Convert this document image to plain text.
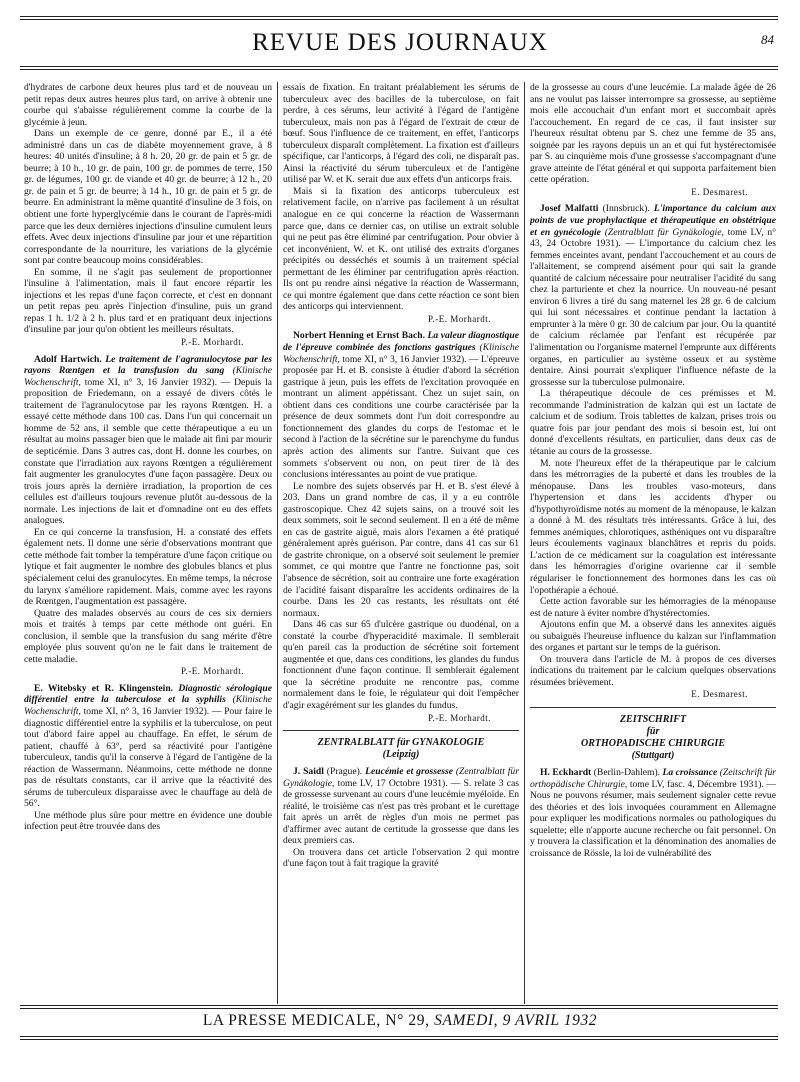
REVUE DES JOURNAUX	84

d'hydrates de carbone deux heures plus tard et de nouveau un petit repas deux autres heures plus tard, on arrive à obtenir une courbe qui s'abaisse régulièrement comme la courbe de la glycémie à jeun.

Dans un exemple de ce genre, donné par E., il a été administré dans un cas de diabète moyennement grave, à 8 heures: 40 unités d'insuline; à 8 h. 20, 20 gr. de pain et 5 gr. de beurre; à 10 h., 10 gr. de pain, 100 gr. de pommes de terre, 150 gr. de légumes, 100 gr. de viande et 40 gr. de beurre; à 12 h., 20 gr. de pain et 5 gr. de beurre; à 14 h., 10 gr. de pain et 5 gr. de beurre. En administrant la même quantité d'insuline de 3 fois, on obtient une forte hyperglycémie dans le courant de l'après-midi parce que les deux dernières injections d'insuline cumulent leurs effets. Avec deux injections d'insuline par jour et une répartition correspondante de la nourriture, les variations de la glycémie sont par contre beaucoup moins considérables.

En somme, il ne s'agit pas seulement de proportionner l'insuline à l'alimentation, mais il faut encore répartir les injections et les repas d'une façon correcte, et c'est en donnant un petit repas peu après l'injection d'insuline, puis un grand repas 1 h. 1/2 à 2 h. plus tard et en pratiquant deux injections d'insuline par jour qu'on obtient les meilleurs résultats.

P.-E. Morhardt.

Adolf Hartwich. Le traitement de l'agranulocytose par les rayons Rœntgen et la transfusion du sang (Klinische Wochenschrift, tome XI, n° 3, 16 Janvier 1932). — Depuis la proposition de Friedemann, on a essayé de divers côtés le traitement de l'agranulocytose par les rayons Rœntgen. H. a essayé cette méthode dans 100 cas. Dans l'un qui concernait un homme de 52 ans, il semble que cette thérapeutique a eu un résultat au moins passager bien que le malade ait fini par mourir de septicémie. Dans 3 autres cas, dont H. donne les courbes, on constate que l'irradiation aux rayons Rœntgen a régulièrement fait augmenter les granulocytes d'une façon passagère. Deux ou trois jours après la dernière irradiation, la proportion de ces cellules est d'ailleurs toujours revenue plutôt au-dessous de la normale. Les injections de lait et d'omnadine ont eu des effets analogues.

En ce qui concerne la transfusion, H. a constaté des effets également nets. Il donne une série d'observations montrant que cette méthode fait tomber la température d'une façon critique ou lytique et fait augmenter le nombre des globules blancs et plus spécialement celui des granulocytes. En même temps, la nécrose du larynx s'améliore rapidement. Mais, comme avec les rayons de Rœntgen, l'augmentation est passagère.

Quatre des malades observés au cours de ces six derniers mois et traités à temps par cette méthode ont guéri. En conclusion, il semble que la transfusion du sang mérite d'être employée plus souvent qu'on ne le fait dans le traitement de cette maladie.

P.-E. Morhardt.

E. Witebsky et R. Klingenstein. Diagnostic sérologique différentiel entre la tuberculose et la syphilis (Klinische Wochenschrift, tome XI, n° 3, 16 Janvier 1932). — Pour faire le diagnostic différentiel entre la syphilis et la tuberculose, on peut tout d'abord faire appel au chauffage. En effet, le sérum de patient, chauffé à 63°, perd sa réactivité pour l'antigène tuberculeux, tandis qu'il la conserve à l'égard de l'antigène de la réaction de Wassermann. Néanmoins, cette méthode ne donne pas de résultats constants, car il arrive que la réactivité des sérums de tuberculeux disparaisse avec le chauffage au delà de 56°.

Une méthode plus sûre pour mettre en évidence une double infection peut être trouvée dans des

essais de fixation. En traitant préalablement les sérums de tuberculeux avec des bacilles de la tuberculose, on fait perdre, à ces sérums, leur activité à l'égard de l'antigène tuberculeux, mais non pas à l'égard de l'extrait de cœur de bœuf. Sous l'influence de ce traitement, en effet, l'anticorps tuberculeux disparaît complètement. La fixation est d'ailleurs spécifique, car l'anticorps, à l'égard des coli, ne disparaît pas. Ainsi la réactivité du sérum tuberculeux et de l'antigène utilisé par W. et K. serait due aux effets d'un anticorps frais.

Mais si la fixation des anticorps tuberculeux est relativement facile, on n'arrive pas facilement à un résultat analogue en ce qui concerne la réaction de Wassermann parce que, dans ce dernier cas, on utilise un extrait soluble qui ne peut pas être éliminé par centrifugation. Pour obvier à cet inconvénient, W. et K. ont utilisé des extraits d'organes précipités ou desséchés et soumis à un traitement spécial permettant de les éliminer par centrifugation après réaction. Ils ont pu rendre ainsi négative la réaction de Wassermann, ce qui montre également que dans cette réaction ce sont bien des anticorps qui interviennent.

P.-E. Morhardt.

Norbert Henning et Ernst Bach. La valeur diagnostique de l'épreuve combinée des fonctions gastriques (Klinische Wochenschrift, tome XI, n° 3, 16 Janvier 1932). — L'épreuve proposée par H. et B. consiste à étudier d'abord la sécrétion gastrique à jeun, puis les effets de l'excitation provoquée en montrant un aliment appétissant. Chez un sujet sain, on obtient dans ces conditions une courbe caractérisée par la présence de deux sommets dont l'un doit correspondre au fonctionnement des glandes du corps de l'estomac et le second à l'action de la sécrétine sur le parenchyme du fundus après action des aliments sur l'antre. Suivant que ces sommets s'observent ou non, on peut tirer de là des conclusions intéressantes au point de vue pratique.

Le nombre des sujets observés par H. et B. s'est élevé à 203. Dans un grand nombre de cas, il y a eu contrôle gastroscopique. Chez 42 sujets sains, on a trouvé soit les deux sommets, soit le second seulement. Il en a été de même en cas de gastrite aiguë, mais alors l'examen a été pratiqué généralement après guérison. Par contre, dans 41 cas sur 61 de gastrite chronique, on a observé soit seulement le premier sommet, ce qui montre que l'antre ne fonctionne pas, soit l'absence de sécrétion, soit au contraire une forte exagération de l'acidité faisant disparaître les accidents ordinaires de la courbe. Dans les 20 cas restants, les résultats ont été normaux.

Dans 46 cas sur 65 d'ulcère gastrique ou duodénal, on a constaté la courbe d'hyperacidité maximale. Il semblerait qu'en pareil cas la production de sécrétine soit fortement augmentée et que, dans ces conditions, les glandes du fundus fonctionnent d'une façon continue. Il semblerait également que la sécrétine produite ne rencontre pas, comme normalement dans le foie, le régulateur qui doit l'empêcher d'agir exagérément sur les glandes du fundus.

P.-E. Morhardt.
ZENTRALBLATT für GYNAKOLOGIE
(Leipzig)

J. Saidl (Prague). Leucémie et grossesse (Zentralblatt für Gynäkologie, tome LV, 17 Octobre 1931). — S. relate 3 cas de grossesse survenant au cours d'une leucémie myéloïde. En réalité, le troisième cas n'est pas très probant et le curettage fait après un arrêt de règles d'un mois ne permet pas d'affirmer avec autant de certitude la grossesse que dans les deux premiers cas.

On trouvera dans cet article l'observation 2 qui montre d'une façon tout à fait tragique la gravité

de la grossesse au cours d'une leucémie. La malade âgée de 26 ans ne voulut pas laisser interrompre sa grossesse, au septième mois elle accouchait d'un enfant mort et succombait après l'accouchement. En regard de ce cas, il faut insister sur l'heureux résultat obtenu par S. chez une femme de 35 ans, soignée par les rayons depuis un an et qui fut hystérectomisée par S. au cinquième mois d'une grossesse s'accompagnant d'une grave atteinte de l'état général et qui supporta parfaitement bien cette opération.

E. Desmarest.

Josef Malfatti (Innsbruck). L'importance du calcium aux points de vue prophylactique et thérapeutique en obstétrique et en gynécologie (Zentralblatt für Gynäkologie, tome LV, n° 43, 24 Octobre 1931). — L'importance du calcium chez les femmes enceintes avant, pendant l'accouchement et au cours de l'allaitement, se comprend aisément pour qui sait la grande quantité de calcium nécessaire pour neutraliser l'acidité du sang chez la parturiente et chez la nourrice. Un nouveau-né pesant environ 6 livres a tiré du sang maternel les 28 gr. 6 de calcium qui lui sont nécessaires et continue pendant la lactation à emprunter à la mère 0 gr. 30 de calcium par jour. Ou la quantité de calcium réclamée par l'enfant est récupérée par l'alimentation ou l'organisme maternel l'emprunte aux différents organes, en particulier au système osseux et au système dentaire. Ainsi pourrait s'expliquer l'influence néfaste de la grossesse sur la tuberculose pulmonaire.

La thérapeutique découle de ces prémisses et M. recommande l'administration de kalzan qui est un lactate de calcium et de sodium. Trois tablettes de kalzan, prises trois ou quatre fois par jour pendant des mois si besoin est, lui ont donné d'excellents résultats, en particulier, dans deux cas de tétanie au cours de la grossesse.

M. note l'heureux effet de la thérapeutique par le calcium dans les métrorragies de la puberté et dans les troubles de la ménopause. Dans les troubles vaso-moteurs, dans l'hypertension et dans les accidents d'hyper ou d'hypothyroïdisme notés au moment de la ménopause, le kalzan a donné à M. des résultats très intéressants. Grâce à lui, des femmes anémiques, chlorotiques, asthéniques ont vu disparaître leurs écoulements vaginaux blanchâtres et repris du poids. L'action de ce médicament sur la coagulation est intéressante dans les hémorragies d'origine ovarienne car il semble régulariser le fonctionnement des hormones dans les cas où l'opothérapie a échoué.

Cette action favorable sur les hémorragies de la ménopause est de nature à éviter nombre d'hystérectomies.

Ajoutons enfin que M. a observé dans les annexites aiguës ou subaiguës l'heureuse influence du kalzan sur l'inflammation des organes et partant sur le temps de la guérison.

On trouvera dans l'article de M. à propos de ces diverses indications du traitement par le calcium quelques observations résumées brièvement.

E. Desmarest.
ZEITSCHRIFT
für
ORTHOPADISCHE CHIRURGIE
(Stuttgart)

H. Eckhardt (Berlin-Dahlem). La croissance (Zeitschrift für orthopädische Chirurgie, tome LV, fasc. 4, Décembre 1931). — Nous ne pouvons résumer, mais seulement signaler cette revue des théories et des lois invoquées couramment en Allemagne pour expliquer les modifications normales ou pathologiques du squelette; elle n'apporte aucune recherche ou fait personnel. On y trouvera la classification et la dénomination des anomalies de croissance de Rössle, la loi de vulnérabilité des

LA PRESSE MEDICALE, N° 29, SAMEDI, 9 AVRIL 1932
